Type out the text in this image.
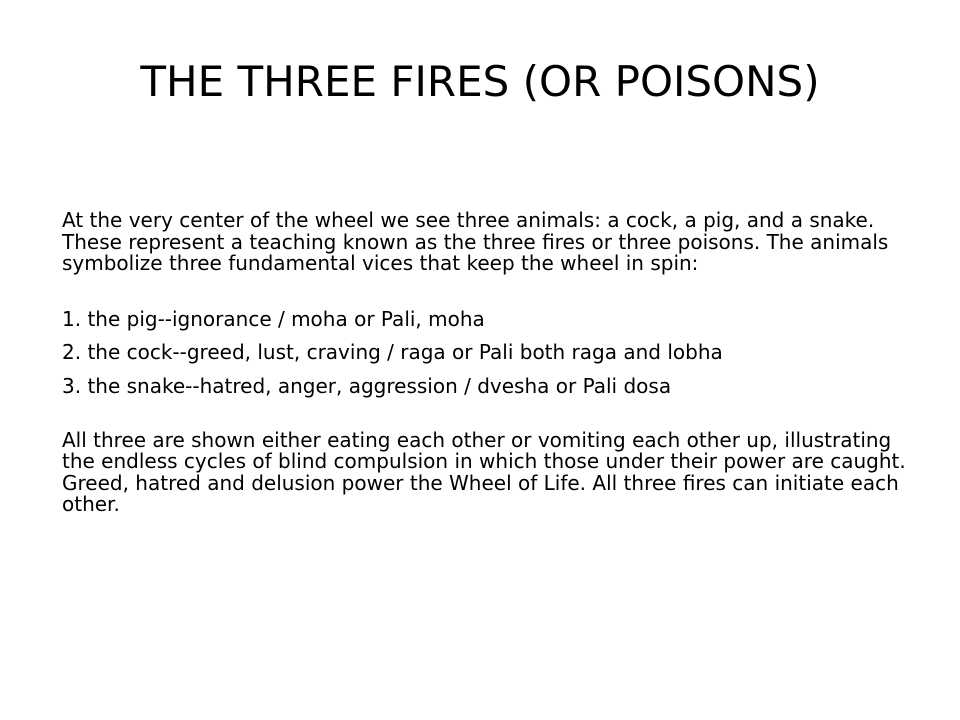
THE THREE FIRES (OR POISONS)

At the very center of the wheel we see three animals: a cock, a pig, and a snake. These represent a teaching known as the three fires or three poisons. The animals symbolize three fundamental vices that keep the wheel in spin:

1. the pig--ignorance / moha or Pali, moha
2. the cock--greed, lust, craving / raga or Pali both raga and lobha
3. the snake--hatred, anger, aggression / dvesha or Pali dosa

All three are shown either eating each other or vomiting each other up, illustrating the endless cycles of blind compulsion in which those under their power are caught. Greed, hatred and delusion power the Wheel of Life. All three fires can initiate each other.
